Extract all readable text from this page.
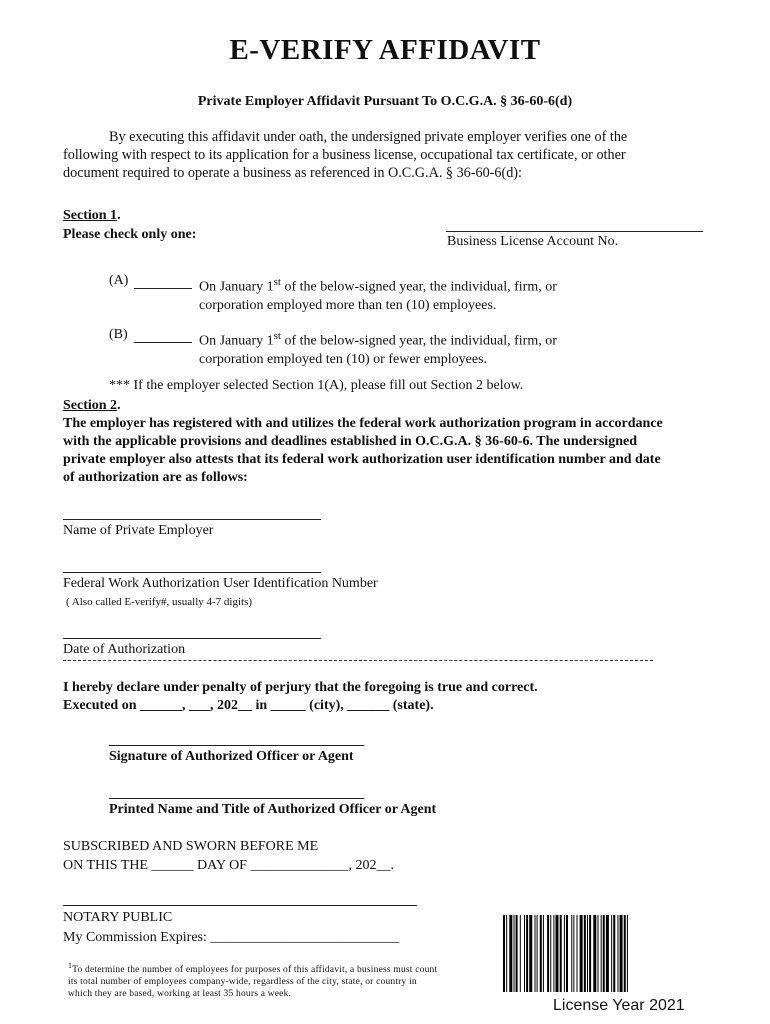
E-VERIFY AFFIDAVIT
Private Employer Affidavit Pursuant To O.C.G.A. § 36-60-6(d)
By executing this affidavit under oath, the undersigned private employer verifies one of the following with respect to its application for a business license, occupational tax certificate, or other document required to operate a business as referenced in O.C.G.A. § 36-60-6(d):
Section 1.
Please check only one:	Business License Account No.
(A)	On January 1st of the below-signed year, the individual, firm, or corporation employed more than ten (10) employees.
(B)	On January 1st of the below-signed year, the individual, firm, or corporation employed ten (10) or fewer employees.
*** If the employer selected Section 1(A), please fill out Section 2 below.
Section 2.
The employer has registered with and utilizes the federal work authorization program in accordance with the applicable provisions and deadlines established in O.C.G.A. § 36-60-6. The undersigned private employer also attests that its federal work authorization user identification number and date of authorization are as follows:
Name of Private Employer
Federal Work Authorization User Identification Number
( Also called E-verify#, usually 4-7 digits)
Date of Authorization
I hereby declare under penalty of perjury that the foregoing is true and correct.
Executed on ______, ___, 202__ in _____ (city), ______ (state).
Signature of Authorized Officer or Agent
Printed Name and Title of Authorized Officer or Agent
SUBSCRIBED AND SWORN BEFORE ME
ON THIS THE ______ DAY OF ______________, 202__.
NOTARY PUBLIC
My Commission Expires: ___________________________
$^1$To determine the number of employees for purposes of this affidavit, a business must count its total number of employees company-wide, regardless of the city, state, or country in which they are based, working at least 35 hours a week.
License Year 2021
